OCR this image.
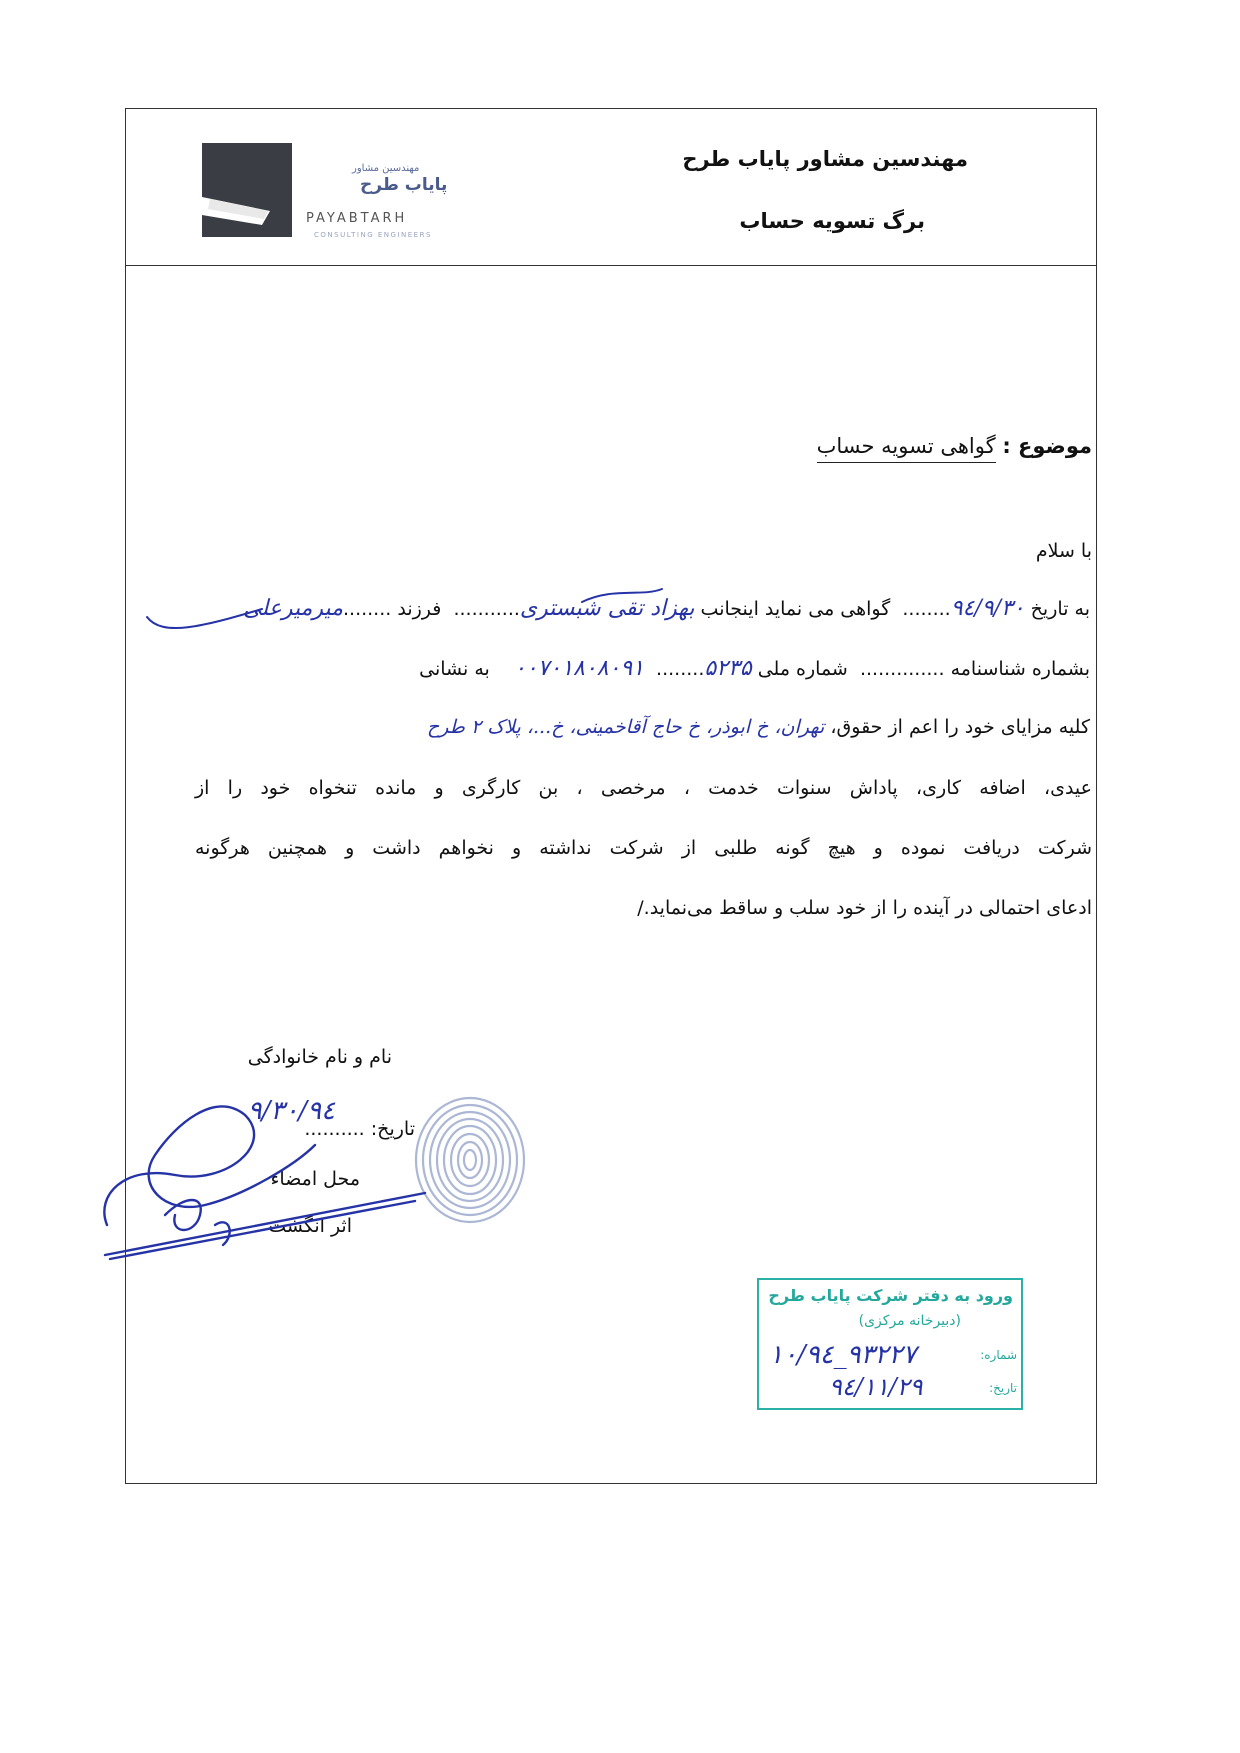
مهندسین مشاور
پایاب طرح
PAYABTARH
CONSULTING ENGINEERS
مهندسین مشاور پایاب طرح
برگ تسویه حساب
موضوع : گواهی تسویه حساب
با سلام
به تاریخ ۹٤/۹/۳۰........  گواهی می نماید اینجانب بهزاد تقی شبستری...........  فرزند ........میرمیرعلی
بشماره شناسنامه ..............  شماره ملی ۵۲۳۵........  ۰۰۷۰۱۸۰۸۰۹۱    به نشانی
کلیه مزایای خود را اعم از حقوق، تهران، خ ابوذر، خ حاج آقاخمینی، خ...، پلاک ۲ طرح
عیدی، اضافه کاری، پاداش سنوات خدمت ، مرخصی ، بن کارگری و مانده تنخواه خود را از
شرکت دریافت نموده و هیچ گونه طلبی از شرکت نداشته و نخواهم داشت و همچنین هرگونه
ادعای احتمالی در آینده را از خود سلب و ساقط می‌نماید./
نام و نام خانوادگی
تاریخ: ..........
۹٤/۹/۳۰
محل امضاء
اثر انگشت
ورود به دفتر شرکت پایاب طرح
(دبیرخانه مرکزی)
شماره:
۱۰/۹٤_۹۳۲۲۷
تاریخ:
۹٤/۱۱/۲۹
